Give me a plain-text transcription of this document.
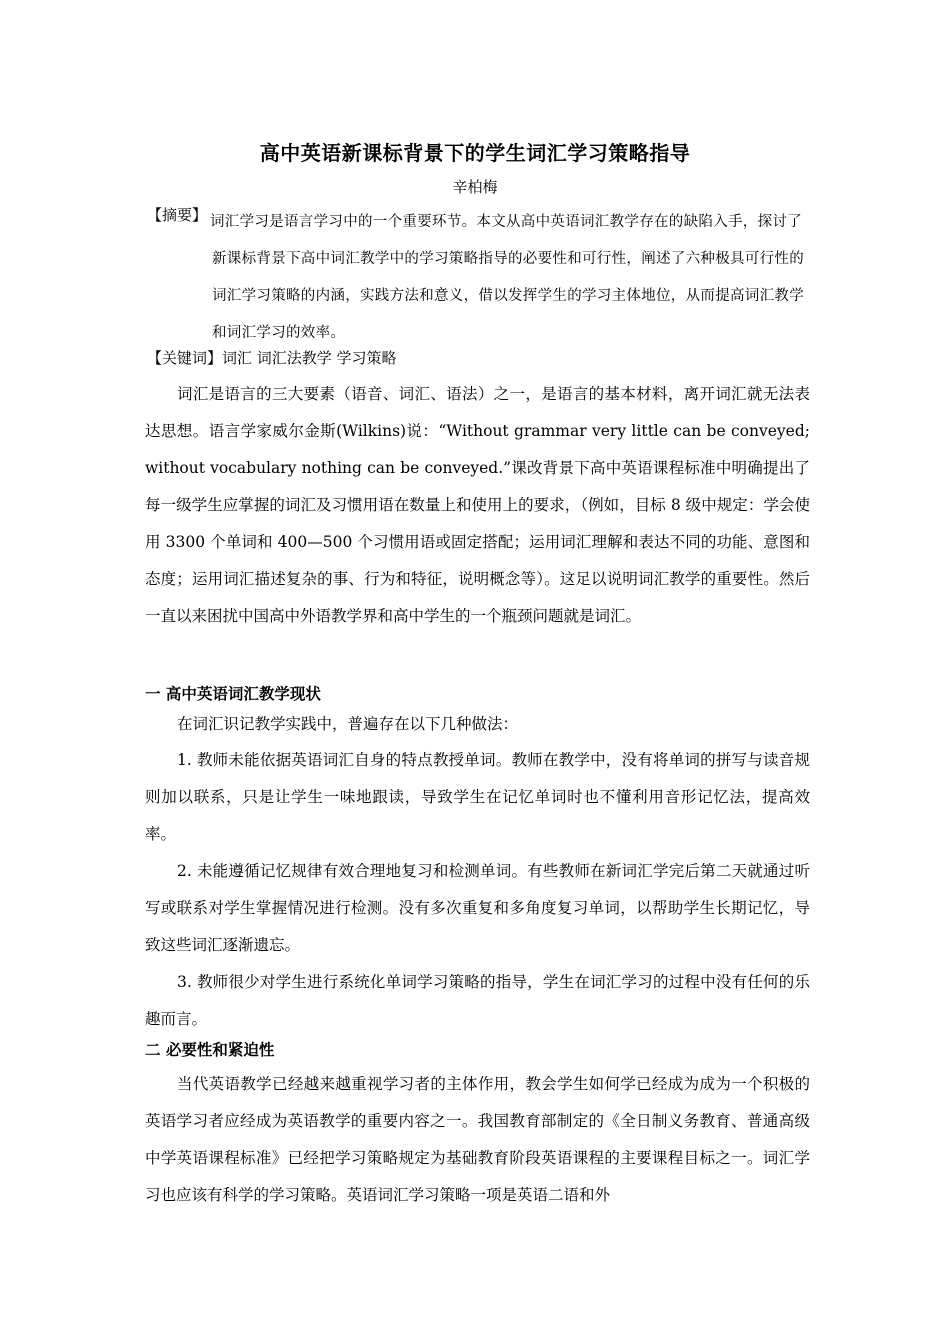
高中英语新课标背景下的学生词汇学习策略指导
辛柏梅
【摘要】 词汇学习是语言学习中的一个重要环节。本文从高中英语词汇教学存在的缺陷入手，探讨了新课标背景下高中词汇教学中的学习策略指导的必要性和可行性，阐述了六种极具可行性的词汇学习策略的内涵，实践方法和意义，借以发挥学生的学习主体地位，从而提高词汇教学和词汇学习的效率。

【关键词】词汇 词汇法教学 学习策略

词汇是语言的三大要素（语音、词汇、语法）之一，是语言的基本材料，离开词汇就无法表达思想。语言学家威尔金斯(Wilkins)说：“Without grammar very little can be conveyed; without vocabulary nothing can be conveyed.”课改背景下高中英语课程标准中明确提出了每一级学生应掌握的词汇及习惯用语在数量上和使用上的要求，（例如，目标 8 级中规定：学会使用 3300 个单词和 400—500 个习惯用语或固定搭配；运用词汇理解和表达不同的功能、意图和态度；运用词汇描述复杂的事、行为和特征，说明概念等）。这足以说明词汇教学的重要性。然后一直以来困扰中国高中外语教学界和高中学生的一个瓶颈问题就是词汇。

一 高中英语词汇教学现状

在词汇识记教学实践中，普遍存在以下几种做法：

1. 教师未能依据英语词汇自身的特点教授单词。教师在教学中，没有将单词的拼写与读音规则加以联系，只是让学生一味地跟读，导致学生在记忆单词时也不懂利用音形记忆法，提高效率。

2. 未能遵循记忆规律有效合理地复习和检测单词。有些教师在新词汇学完后第二天就通过听写或联系对学生掌握情况进行检测。没有多次重复和多角度复习单词，以帮助学生长期记忆，导致这些词汇逐渐遗忘。

3. 教师很少对学生进行系统化单词学习策略的指导，学生在词汇学习的过程中没有任何的乐趣而言。

二 必要性和紧迫性

当代英语教学已经越来越重视学习者的主体作用，教会学生如何学已经成为成为一个积极的英语学习者应经成为英语教学的重要内容之一。我国教育部制定的《全日制义务教育、普通高级中学英语课程标准》已经把学习策略规定为基础教育阶段英语课程的主要课程目标之一。词汇学习也应该有科学的学习策略。英语词汇学习策略一项是英语二语和外
